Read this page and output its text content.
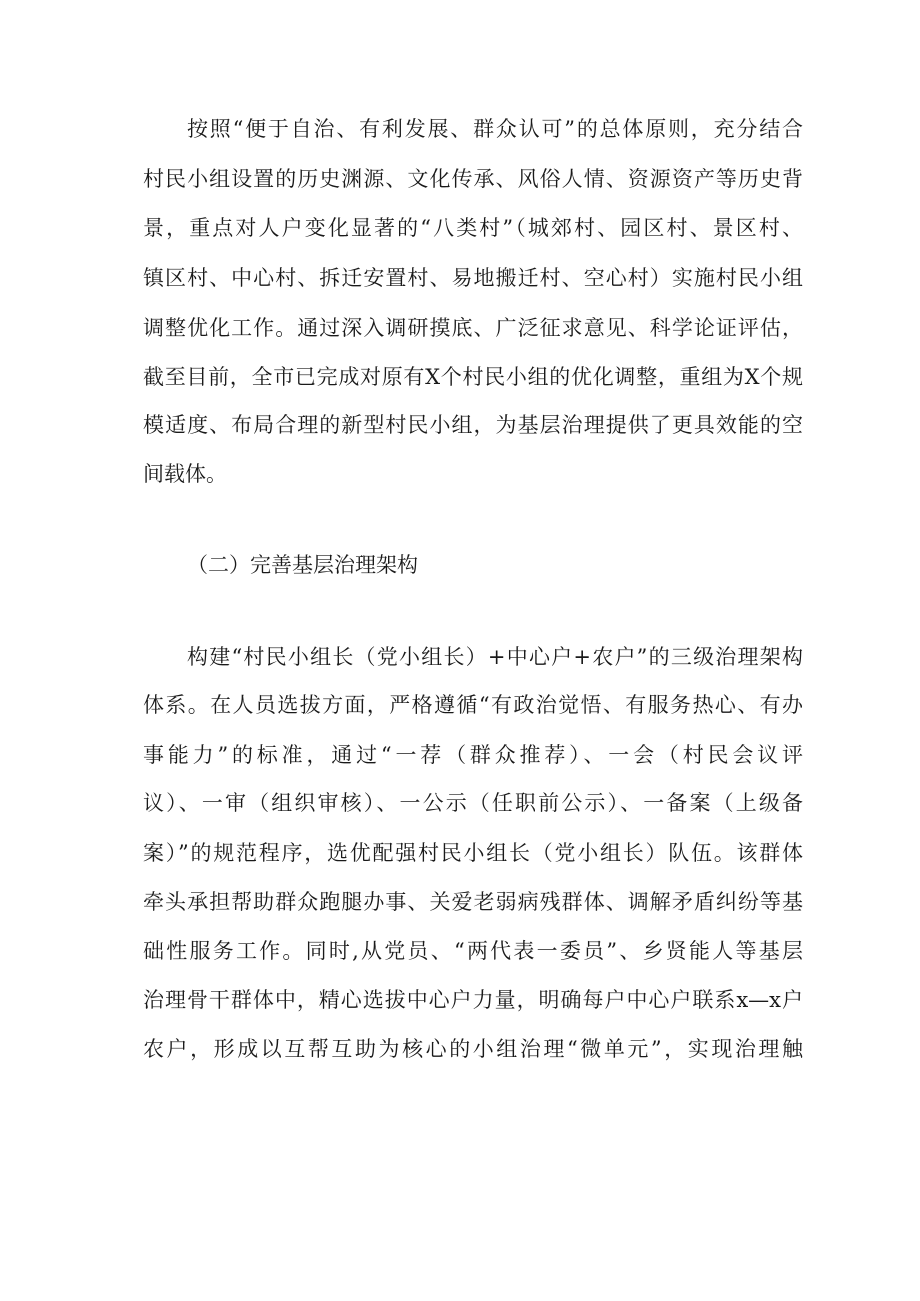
按照“便于自治、有利发展、群众认可”的总体原则，充分结合

村民小组设置的历史渊源、文化传承、风俗人情、资源资产等历史背

景，重点对人户变化显著的“八类村”（城郊村、园区村、景区村、

镇区村、中心村、拆迁安置村、易地搬迁村、空心村）实施村民小组

调整优化工作。通过深入调研摸底、广泛征求意见、科学论证评估，

截至目前，全市已完成对原有X个村民小组的优化调整，重组为X个规

模适度、布局合理的新型村民小组，为基层治理提供了更具效能的空

间载体。

（二）完善基层治理架构

构建“村民小组长（党小组长）+中心户+农户”的三级治理架构

体系。在人员选拔方面，严格遵循“有政治觉悟、有服务热心、有办

事能力”的标准，通过“一荐（群众推荐）、一会（村民会议评

议）、一审（组织审核）、一公示（任职前公示）、一备案（上级备

案）”的规范程序，选优配强村民小组长（党小组长）队伍。该群体

牵头承担帮助群众跑腿办事、关爱老弱病残群体、调解矛盾纠纷等基

础性服务工作。同时,从党员、“两代表一委员”、乡贤能人等基层

治理骨干群体中，精心选拔中心户力量，明确每户中心户联系x—x户

农户，形成以互帮互助为核心的小组治理“微单元”，实现治理触
